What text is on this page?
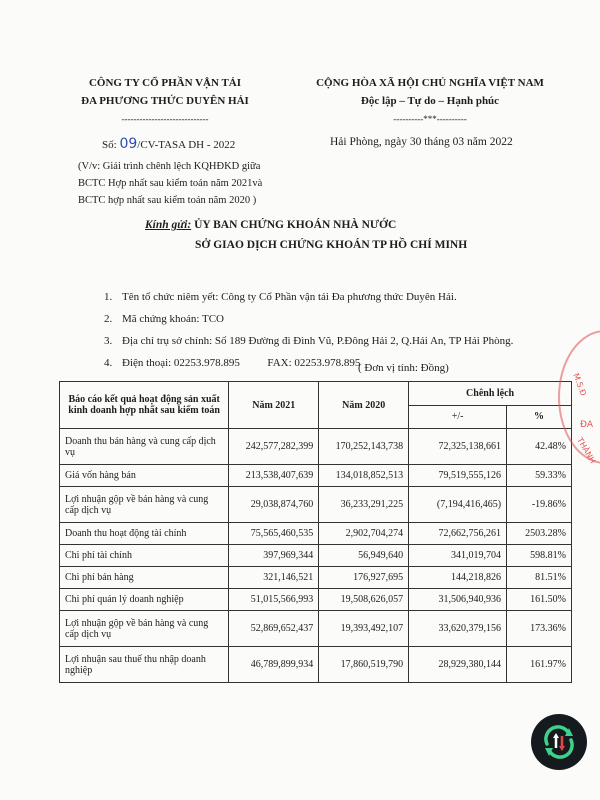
CÔNG TY CỔ PHẦN VẬN TẢI
ĐA PHƯƠNG THỨC DUYÊN HẢI
-----------------------------
CỘNG HÒA XÃ HỘI CHỦ NGHĨA VIỆT NAM
Độc lập – Tự do – Hạnh phúc
----------***----------
Số: 09/CV-TASA DH - 2022	Hải Phòng, ngày 30 tháng 03 năm 2022
(V/v: Giải trình chênh lệch KQHĐKD giữa
BCTC Hợp nhất sau kiểm toán năm 2021và
BCTC hợp nhất sau kiểm toán năm 2020 )
Kính gửi: ỦY BAN CHỨNG KHOÁN NHÀ NƯỚC
SỞ GIAO DỊCH CHỨNG KHOÁN TP HỒ CHÍ MINH
1. Tên tổ chức niêm yết: Công ty Cổ Phần vận tải Đa phương thức Duyên Hải.
2. Mã chứng khoán: TCO
3. Địa chỉ trụ sở chính: Số 189 Đường đi Đình Vũ, P.Đông Hải 2, Q.Hải An, TP Hải Phòng.
4. Điện thoại: 02253.978.895          FAX: 02253.978.895
( Đơn vị tính: Đồng)
Báo cáo kết quả hoạt động sản xuất kinh doanh hợp nhất sau kiểm toán	Năm 2021	Năm 2020	Chênh lệch	
			+/-	%
Doanh thu bán hàng và cung cấp dịch vụ	242,577,282,399	170,252,143,738	72,325,138,661	42.48%
Giá vốn hàng bán	213,538,407,639	134,018,852,513	79,519,555,126	59.33%
Lợi nhuận gộp về bán hàng và cung cấp dịch vụ	29,038,874,760	36,233,291,225	(7,194,416,465)	-19.86%
Doanh thu hoạt động tài chính	75,565,460,535	2,902,704,274	72,662,756,261	2503.28%
Chi phí tài chính	397,969,344	56,949,640	341,019,704	598.81%
Chi phí bán hàng	321,146,521	176,927,695	144,218,826	81.51%
Chi phí quản lý doanh nghiệp	51,015,566,993	19,508,626,057	31,506,940,936	161.50%
Lợi nhuận gộp về bán hàng và cung cấp dịch vụ	52,869,652,437	19,393,492,107	33,620,379,156	173.36%
Lợi nhuận sau thuế thu nhập doanh nghiệp	46,789,899,934	17,860,519,790	28,929,380,144	161.97%
M.S.Đ
ĐA
THÀNH
